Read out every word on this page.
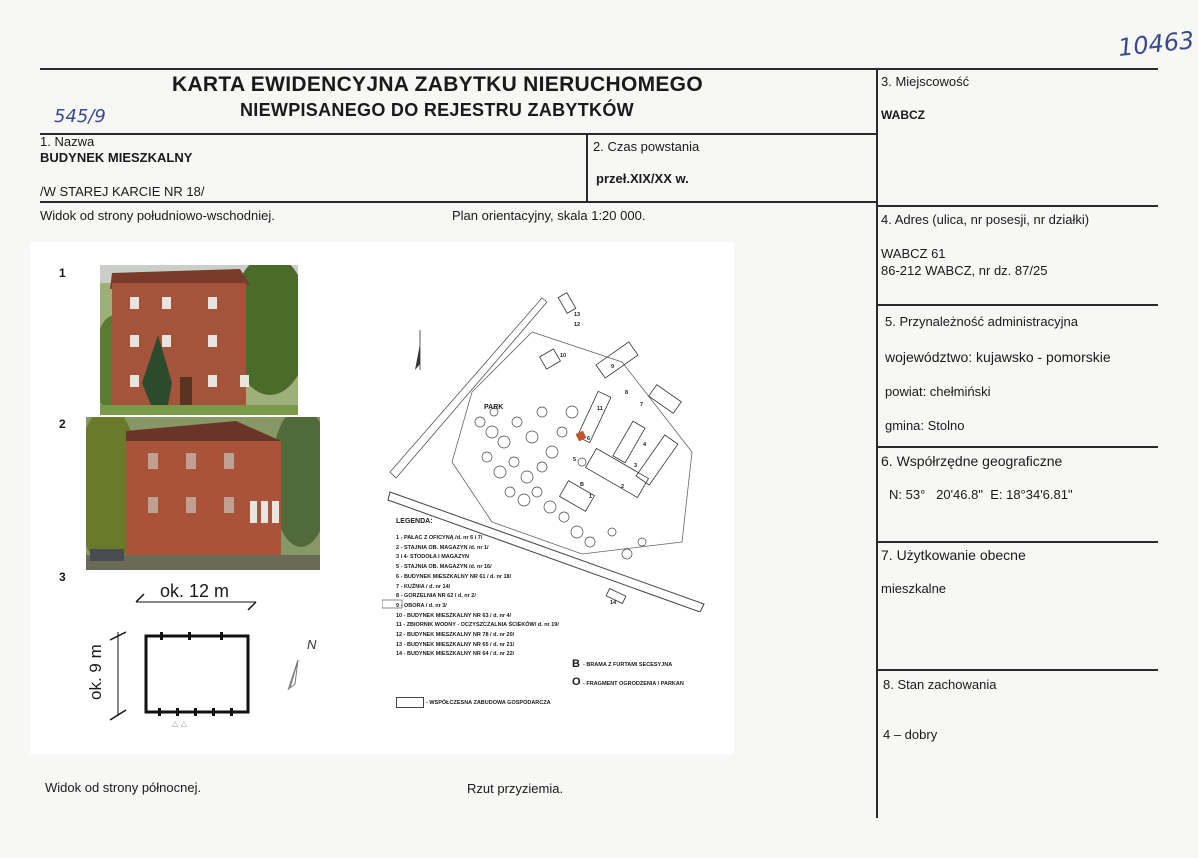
10463
KARTA EWIDENCYJNA ZABYTKU NIERUCHOMEGO
NIEWPISANEGO DO REJESTRU ZABYTKÓW
545/9
1. Nazwa
BUDYNEK MIESZKALNY
/W STAREJ KARCIE NR 18/
2. Czas powstania
przeł.XIX/XX w.
3. Miejscowość
WABCZ
4. Adres (ulica, nr posesji, nr działki)
WABCZ 61
86-212 WABCZ, nr dz. 87/25
5. Przynależność administracyjna
województwo: kujawsko - pomorskie
powiat: chełmiński
gmina: Stolno
6. Współrzędne geograficzne
N: 53°   20'46.8"  E: 18°34'6.81"
7. Użytkowanie obecne
mieszkalne
8. Stan zachowania
4 – dobry
Widok od strony południowo-wschodniej.	Plan orientacyjny, skala 1:20 000.
Widok od strony północnej.	Rzut przyziemia.
1
2
3
△ △
ok. 12 m
ok. 9 m	N
PARK
13
12
10
9
8
7
11
6
4
3
5
2
1
B
14
LEGENDA:
1 - PAŁAC Z OFICYNĄ /d. nr 6 i 7/
2 - STAJNIA OB. MAGAZYN /d. nr 1/
3 i 4- STODOŁA I MAGAZYN
5 - STAJNIA OB. MAGAZYN /d. nr 16/
6 - BUDYNEK MIESZKALNY NR 61 / d. nr 18/
7 - KUŹNIA / d. nr 14/
8 - GORZELNIA NR 62 / d. nr 2/
9 - OBORA / d. nr 3/
10 - BUDYNEK MIESZKALNY NR 63 / d. nr 4/
11 - ZBIORNIK WODNY - OCZYSZCZALNIA ŚCIEKÓW/ d. nr 19/
12 - BUDYNEK MIESZKALNY NR 78 / d. nr 20/
13 - BUDYNEK MIESZKALNY NR 65 / d. nr 21/
14 - BUDYNEK MIESZKALNY NR 64 / d. nr 22/
B - BRAMA Z FURTAMI SECESYJNA
O - FRAGMENT OGRODZENIA / PARKAN
- WSPÓŁCZESNA ZABUDOWA GOSPODARCZA
